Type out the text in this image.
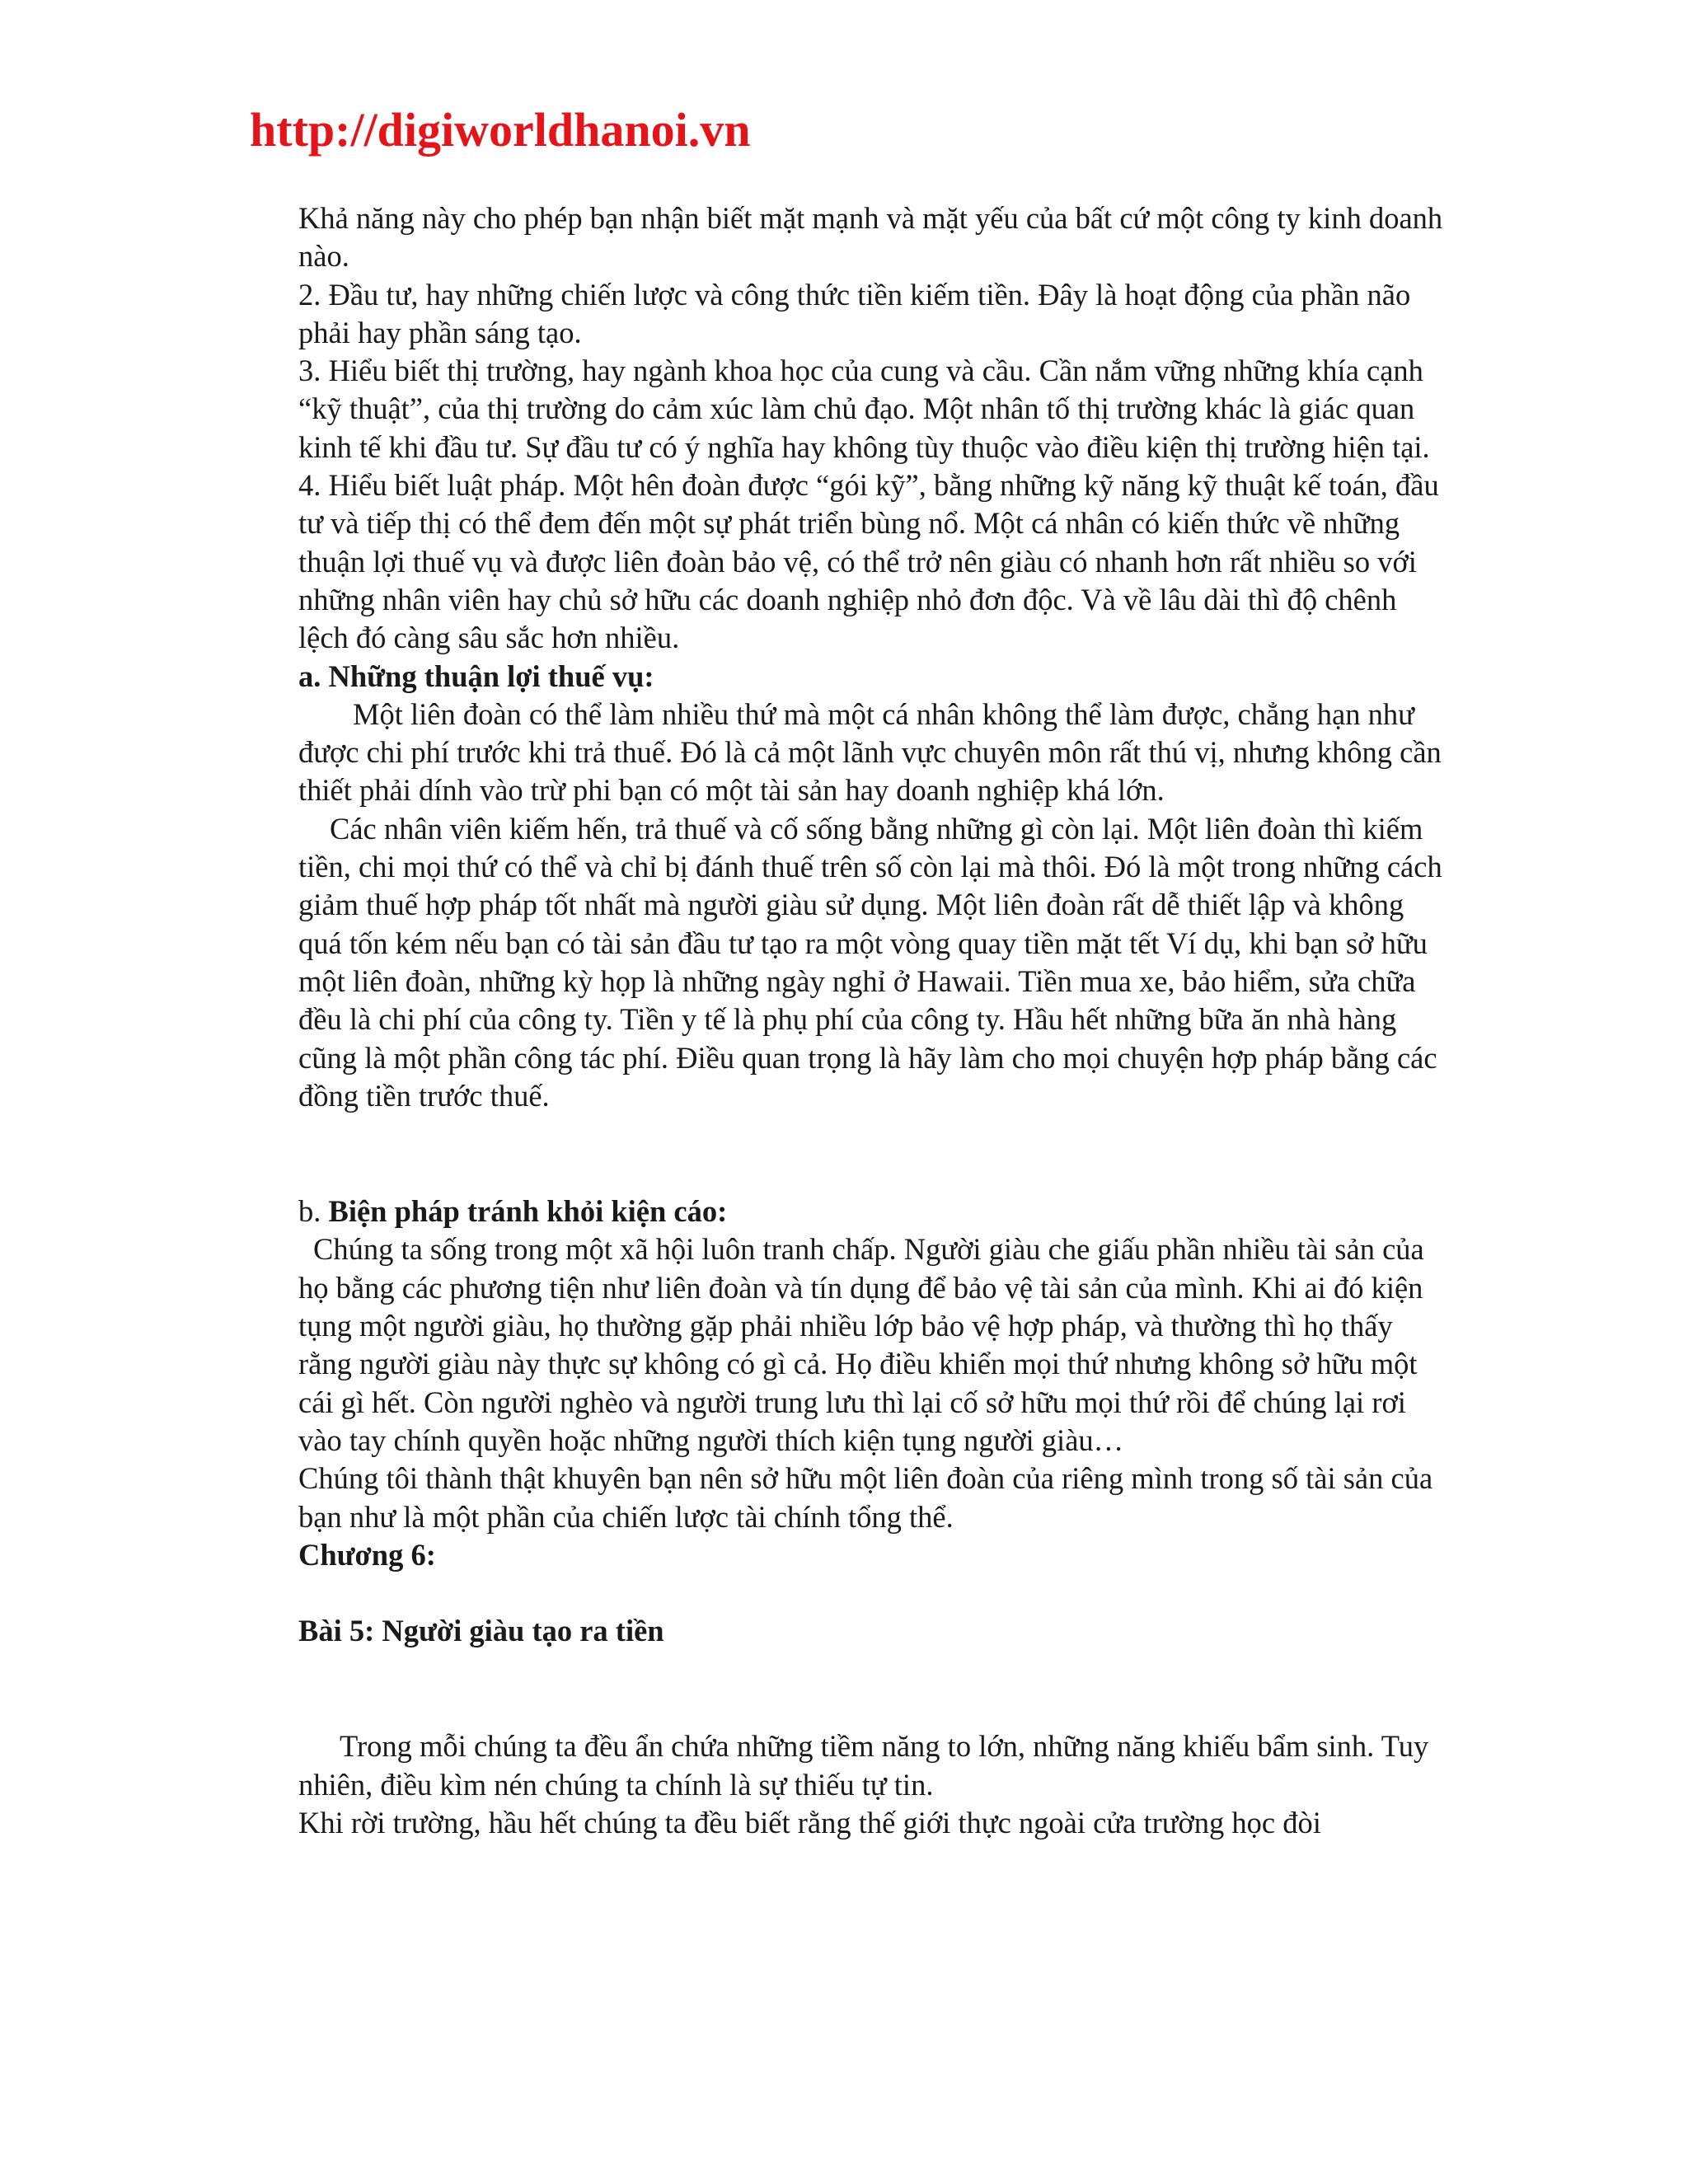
http://digiworldhanoi.vn

Khả năng này cho phép bạn nhận biết mặt mạnh và mặt yếu của bất cứ một công ty kinh doanh nào.

2. Đầu tư, hay những chiến lược và công thức tiền kiếm tiền. Đây là hoạt động của phần não phải hay phần sáng tạo.

3. Hiểu biết thị trường, hay ngành khoa học của cung và cầu. Cần nắm vững những khía cạnh “kỹ thuật”, của thị trường do cảm xúc làm chủ đạo. Một nhân tố thị trường khác là giác quan kinh tế khi đầu tư. Sự đầu tư có ý nghĩa hay không tùy thuộc vào điều kiện thị trường hiện tại.

4. Hiểu biết luật pháp. Một hên đoàn được “gói kỹ”, bằng những kỹ năng kỹ thuật kế toán, đầu tư và tiếp thị có thể đem đến một sự phát triển bùng nổ. Một cá nhân có kiến thức về những thuận lợi thuế vụ và được liên đoàn bảo vệ, có thể trở nên giàu có nhanh hơn rất nhiều so với những nhân viên hay chủ sở hữu các doanh nghiệp nhỏ đơn độc. Và về lâu dài thì độ chênh lệch đó càng sâu sắc hơn nhiều.

a. Những thuận lợi thuế vụ:

Một liên đoàn có thể làm nhiều thứ mà một cá nhân không thể làm được, chẳng hạn như được chi phí trước khi trả thuế. Đó là cả một lãnh vực chuyên môn rất thú vị, nhưng không cần thiết phải dính vào trừ phi bạn có một tài sản hay doanh nghiệp khá lớn.

Các nhân viên kiếm hến, trả thuế và cố sống bằng những gì còn lại. Một liên đoàn thì kiếm tiền, chi mọi thứ có thể và chỉ bị đánh thuế trên số còn lại mà thôi. Đó là một trong những cách giảm thuế hợp pháp tốt nhất mà người giàu sử dụng. Một liên đoàn rất dễ thiết lập và không quá tốn kém nếu bạn có tài sản đầu tư tạo ra một vòng quay tiền mặt tết Ví dụ, khi bạn sở hữu một liên đoàn, những kỳ họp là những ngày nghỉ ở Hawaii. Tiền mua xe, bảo hiểm, sửa chữa đều là chi phí của công ty. Tiền y tế là phụ phí của công ty. Hầu hết những bữa ăn nhà hàng cũng là một phần công tác phí. Điều quan trọng là hãy làm cho mọi chuyện hợp pháp bằng các đồng tiền trước thuế.

b. Biện pháp tránh khỏi kiện cáo:

Chúng ta sống trong một xã hội luôn tranh chấp. Người giàu che giấu phần nhiều tài sản của họ bằng các phương tiện như liên đoàn và tín dụng để bảo vệ tài sản của mình. Khi ai đó kiện tụng một người giàu, họ thường gặp phải nhiều lớp bảo vệ hợp pháp, và thường thì họ thấy rằng người giàu này thực sự không có gì cả. Họ điều khiển mọi thứ nhưng không sở hữu một cái gì hết. Còn người nghèo và người trung lưu thì lại cố sở hữu mọi thứ rồi để chúng lại rơi vào tay chính quyền hoặc những người thích kiện tụng người giàu…

Chúng tôi thành thật khuyên bạn nên sở hữu một liên đoàn của riêng mình trong số tài sản của bạn như là một phần của chiến lược tài chính tổng thể.

Chương 6:

Bài 5: Người giàu tạo ra tiền

Trong mỗi chúng ta đều ẩn chứa những tiềm năng to lớn, những năng khiếu bẩm sinh. Tuy nhiên, điều kìm nén chúng ta chính là sự thiếu tự tin.

Khi rời trường, hầu hết chúng ta đều biết rằng thế giới thực ngoài cửa trường học đòi
